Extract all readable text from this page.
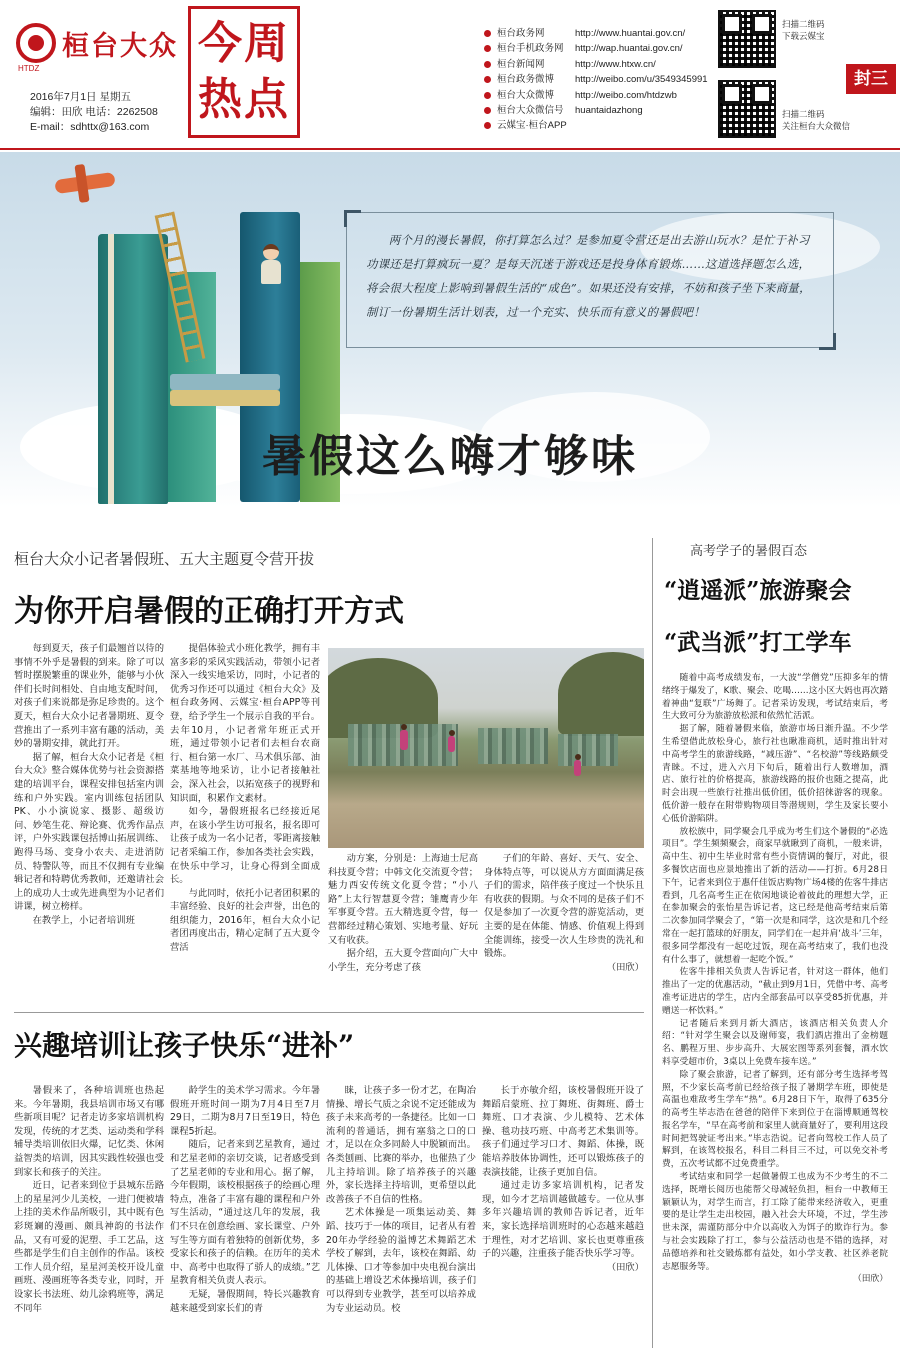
桓台大众
HTDZ
2016年7月1日 星期五
编辑：田欣 电话：2262508
E-mail：sdhttx@163.com
今周
热点
桓台政务网	http://www.huantai.gov.cn/
桓台手机政务网	http://wap.huantai.gov.cn/
桓台新闻网	http://www.htxw.cn/
桓台政务微博	http://weibo.com/u/3549345991
桓台大众微博	http://weibo.com/htdzwb
桓台大众微信号	huantaidazhong
云媒宝·桓台APP
扫描二维码
下载云媒宝
扫描二维码
关注桓台大众微信
封三

两个月的漫长暑假，你打算怎么过？是参加夏令营还是出去游山玩水？是忙于补习功课还是打算疯玩一夏？是每天沉迷于游戏还是投身体育锻炼……这道选择题怎么选，将会很大程度上影响到暑假生活的“成色”。如果还没有安排，不妨和孩子坐下来商量，制订一份暑期生活计划表，过一个充实、快乐而有意义的暑假吧！

暑假这么嗨才够味
桓台大众小记者暑假班、五大主题夏令营开拔
为你开启暑假的正确打开方式

每到夏天，孩子们最翘首以待的事情不外乎是暑假的到来。除了可以暂时摆脱繁重的课业外，能够与小伙伴们长时间相处、自由地支配时间，对孩子们来说都是弥足珍贵的。这个夏天，桓台大众小记者暑期班、夏令营推出了一系列丰富有趣的活动，美妙的暑期安排，就此打开。

据了解，桓台大众小记者是《桓台大众》整合媒体优势与社会资源搭建的培训平台，课程安排包括室内训练和户外实践。室内训练包括团队PK、小小演说家、摄影、超级访问、妙笔生花、辩论赛、优秀作品点评，户外实践课包括博山拓展训练、跑得马场、变身小农夫、走进消防员、特警队等，而且不仅拥有专业编辑记者和特聘优秀教师，还邀请社会上的成功人士或先进典型为小记者们讲课，树立榜样。

在教学上，小记者培训班

提倡体验式小班化教学，拥有丰富多彩的采风实践活动，带领小记者深入一线实地采访，同时，小记者的优秀习作还可以通过《桓台大众》及桓台政务网、云媒宝·桓台APP等刊登，给予学生一个展示自我的平台。去年10月，小记者常年班正式开班，通过带领小记者们去桓台农商行、桓台第一水厂、马术俱乐部、油菜基地等地采访，让小记者接触社会，深入社会，以拓宽孩子的视野和知识面，积累作文素材。

如今，暑假班报名已经接近尾声，在该小学生访可报名，报名即可让孩子成为一名小记者，零距离接触记者采编工作，参加各类社会实践，在快乐中学习，让身心得到全面成长。

与此同时，依托小记者团积累的丰富经验、良好的社会声誉，出色的组织能力，2016年，桓台大众小记者团再度出击，精心定制了五大夏令营活

动方案，分别是：上海迪士尼高科技夏令营；中韩文化交流夏令营；魅力西安传统文化夏令营；“小八路”上太行智慧夏令营；雏鹰青少年军事夏令营。五大精选夏令营，每一营都经过精心策划、实地考量、好玩又有收获。

据介绍，五大夏令营面向广大中小学生，充分考虑了孩

子们的年龄、喜好、天气、安全、身体特点等，可以说从方方面面满足孩子们的需求，陪伴孩子度过一个快乐且有收获的假期。与众不同的是孩子们不仅是参加了一次夏令营的游览活动，更主要的是在体能、情感、价值观上得到全能训练，接受一次人生珍贵的洗礼和锻炼。

（田欣）
高考学子的暑假百态
“逍遥派”旅游聚会
“武当派”打工学车

随着中高考成绩发布，一大波“学僧党”压抑多年的情绪终于爆发了，K歌、聚会、吃喝……这小区大妈也再次踏着神曲“复联”广场舞了。记者采访发现，考试结束后，考生大致可分为旅游放松派和依然忙活派。

据了解，随着暑假来临，旅游市场日渐升温。不少学生希望借此放松身心，旅行社也瞅准商机，适时推出针对中高考学生的旅游线路，“减压游”、“名校游”等线路颇受青睐。不过，进入六月下旬后，随着出行人数增加，酒店、旅行社的价格提高，旅游线路的报价也随之提高，此时会出现一些旅行社推出低价团，低价招徕游客的现象。低价游一般存在附带购物项目等潜规则，学生及家长要小心低价游陷阱。

放松族中，同学聚会几乎成为考生们这个暑假的“必选项目”。学生频频聚会，商家早就瞅到了商机，一般来讲，高中生、初中生毕业时常有些小资情调的餐厅，对此，很多餐饮店面也应景地推出了新的活动——打折。6月28日下午，记者来到位于惠仟佳饭店购物广场4楼的佐客牛排店看到，几名高考生正在依闲地谈论着彼此的理想大学，正在参加聚会的张怡星告诉记者，这已经是他高考结束后第二次参加同学聚会了，“第一次是和同学，这次是和几个经常在一起打篮球的好朋友，同学们在一起并肩‘战斗’三年，很多同学都没有一起吃过饭，现在高考结束了，我们也没有什么事了，就想着一起吃个饭。”

佐客牛排相关负责人告诉记者，针对这一群体，他们推出了一定的优惠活动，“截止到9月1日，凭借中考、高考准考证进店的学生，店内全部套品可以享受85折优惠，并赠送一杯饮料。”

记者随后来到月新大酒店，该酒店相关负责人介绍：“针对学生聚会以及谢师宴，我们酒店推出了金榜题名、鹏程万里、步步高升、大展宏图等系列套餐，酒水饮料享受超市价，3桌以上免费车接车送。”

除了聚会旅游，记者了解到，还有部分考生选择考驾照，不少家长高考前已经给孩子报了暑期学车班，即使是高温也难敌考生学车“热”。6月28日下午，取得了635分的高考生毕志浩在爸爸的陪伴下来到位于在淄博顺通驾校报名学车，“早在高考前和家里人就商量好了，要利用这段时间把驾驶证考出来。”毕志浩说。记者向驾校工作人员了解到，在该驾校报名，科目二科目三不过，可以免交补考费，五次考试都不过免费重学。

考试结束和同学一起做暑假工也成为不少考生的不二选择，既增长阅历也能帮父母减轻负担，桓台一中教师王颖颖认为，对学生而言，打工除了能带来经济收入，更重要的是让学生走出校园，融入社会大环境，不过，学生涉世未深，需谨防部分中介以高收入为饵子的欺诈行为。参与社会实践除了打工，参与公益活动也是不错的选择，对品德培养和社交锻炼都有益处，如小学支教、社区养老院志愿服务等。

（田欣）
兴趣培训让孩子快乐“进补”

暑假来了，各种培训班也热起来。今年暑期，我县培训市场又有哪些新项目呢？记者走访多家培训机构发现，传统的才艺类、运动类和学科辅导类培训依旧火爆，记忆类、休闲益智类的培训，因其实践性较强也受到家长和孩子的关注。

近日，记者来到位于县城东岳路上的星星河少儿美校，一进门便被墙上挂的美术作品所吸引，其中既有色彩斑斓的漫画、颇具神韵的书法作品，又有可爱的泥塑、手工艺品，这些都是学生们自主创作的作品。该校工作人员介绍，星星河美校开设儿童画班、漫画班等各类专业，同时，开设家长书法班、幼儿涂鸦班等，满足不同年

龄学生的美术学习需求。今年暑假班开班时间一期为7月4日至7月29日，二期为8月7日至19日，特色课程5折起。

随后，记者来到艺星教育，通过和艺星老师的亲切交谈，记者感受到了艺星老师的专业和用心。据了解，今年假期，该校根据孩子的绘画心理特点，准备了丰富有趣的课程和户外写生活动，“通过这几年的发展，我们不只在创意绘画、家长课堂、户外写生等方面有着独特的创新优势，多受家长和孩子的信赖。在历年的美术中、高考中也取得了骄人的成绩。”艺星教育相关负责人表示。

无疑，暑假期间，特长兴趣教育越来越受到家长们的青

睐，让孩子多一份才艺，在陶冶情操、增长气质之余说不定还能成为孩子未来高考的一条捷径。比如一口流利的普通话，拥有塞翁之口的口才，足以在众多同龄人中脱颖而出。各类刨画、比赛的举办，也催热了少儿主持培训。除了培养孩子的兴趣外，家长选择主持培训，更希望以此改善孩子不自信的性格。

艺术体操是一项集运动美、舞蹈、技巧于一体的项目，记者从有着20年办学经验的溢博艺术舞蹈艺术学校了解到，去年，该校在舞蹈、幼儿体操、口才等参加中央电视台演出的基础上增设艺术体操培训，孩子们可以得到专业教学，甚至可以培养成为专业运动员。校

长于亦敏介绍，该校暑假班开设了舞蹈启蒙班、拉丁舞班、街舞班、爵士舞班、口才表演、少儿模特、艺术体操、毯功技巧班、中高考艺术集训等。孩子们通过学习口才、舞蹈、体操，既能培养肢体协调性，还可以锻炼孩子的表演技能，让孩子更加自信。

通过走访多家培训机构，记者发现，如今才艺培训越做越专。一位从事多年兴趣培训的教师告诉记者，近年来，家长选择培训班时的心态越来越趋于理性，对才艺培训、家长也更尊重孩子的兴趣，注重孩子能否快乐学习等。

（田欣）
